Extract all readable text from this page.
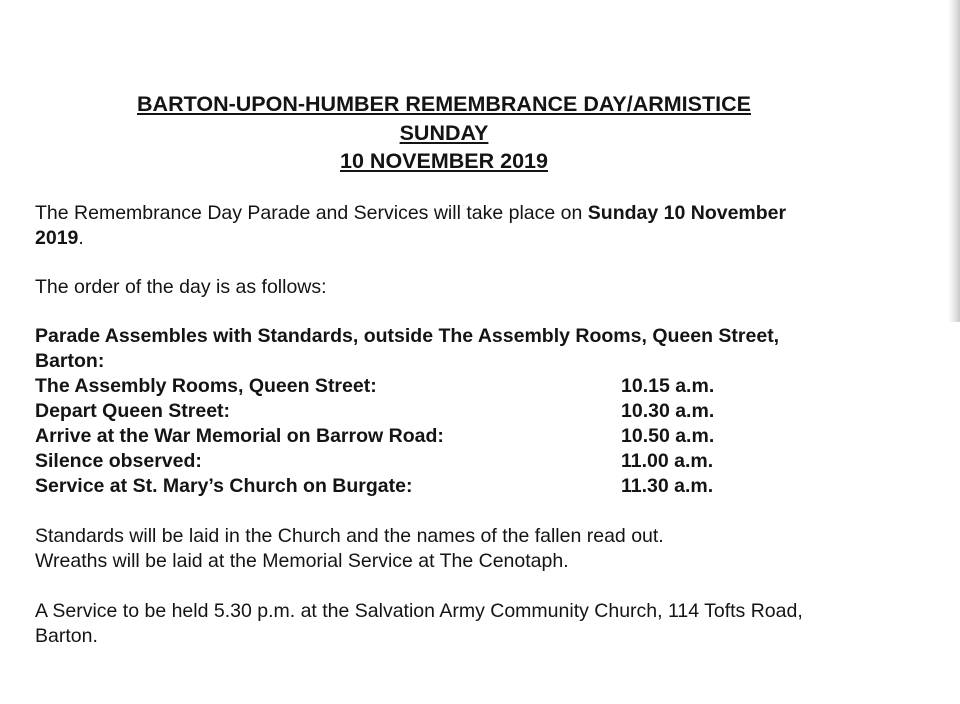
BARTON-UPON-HUMBER REMEMBRANCE DAY/ARMISTICE
SUNDAY
10 NOVEMBER 2019
The Remembrance Day Parade and Services will take place on Sunday 10 November 2019.
The order of the day is as follows:
Parade Assembles with Standards, outside The Assembly Rooms, Queen Street, Barton:
The Assembly Rooms, Queen Street:	10.15 a.m.
Depart Queen Street:	10.30 a.m.
Arrive at the War Memorial on Barrow Road:	10.50 a.m.
Silence observed:	11.00 a.m.
Service at St. Mary’s Church on Burgate:	11.30 a.m.
Standards will be laid in the Church and the names of the fallen read out.
Wreaths will be laid at the Memorial Service at The Cenotaph.
A Service to be held 5.30 p.m. at the Salvation Army Community Church, 114 Tofts Road, Barton.
